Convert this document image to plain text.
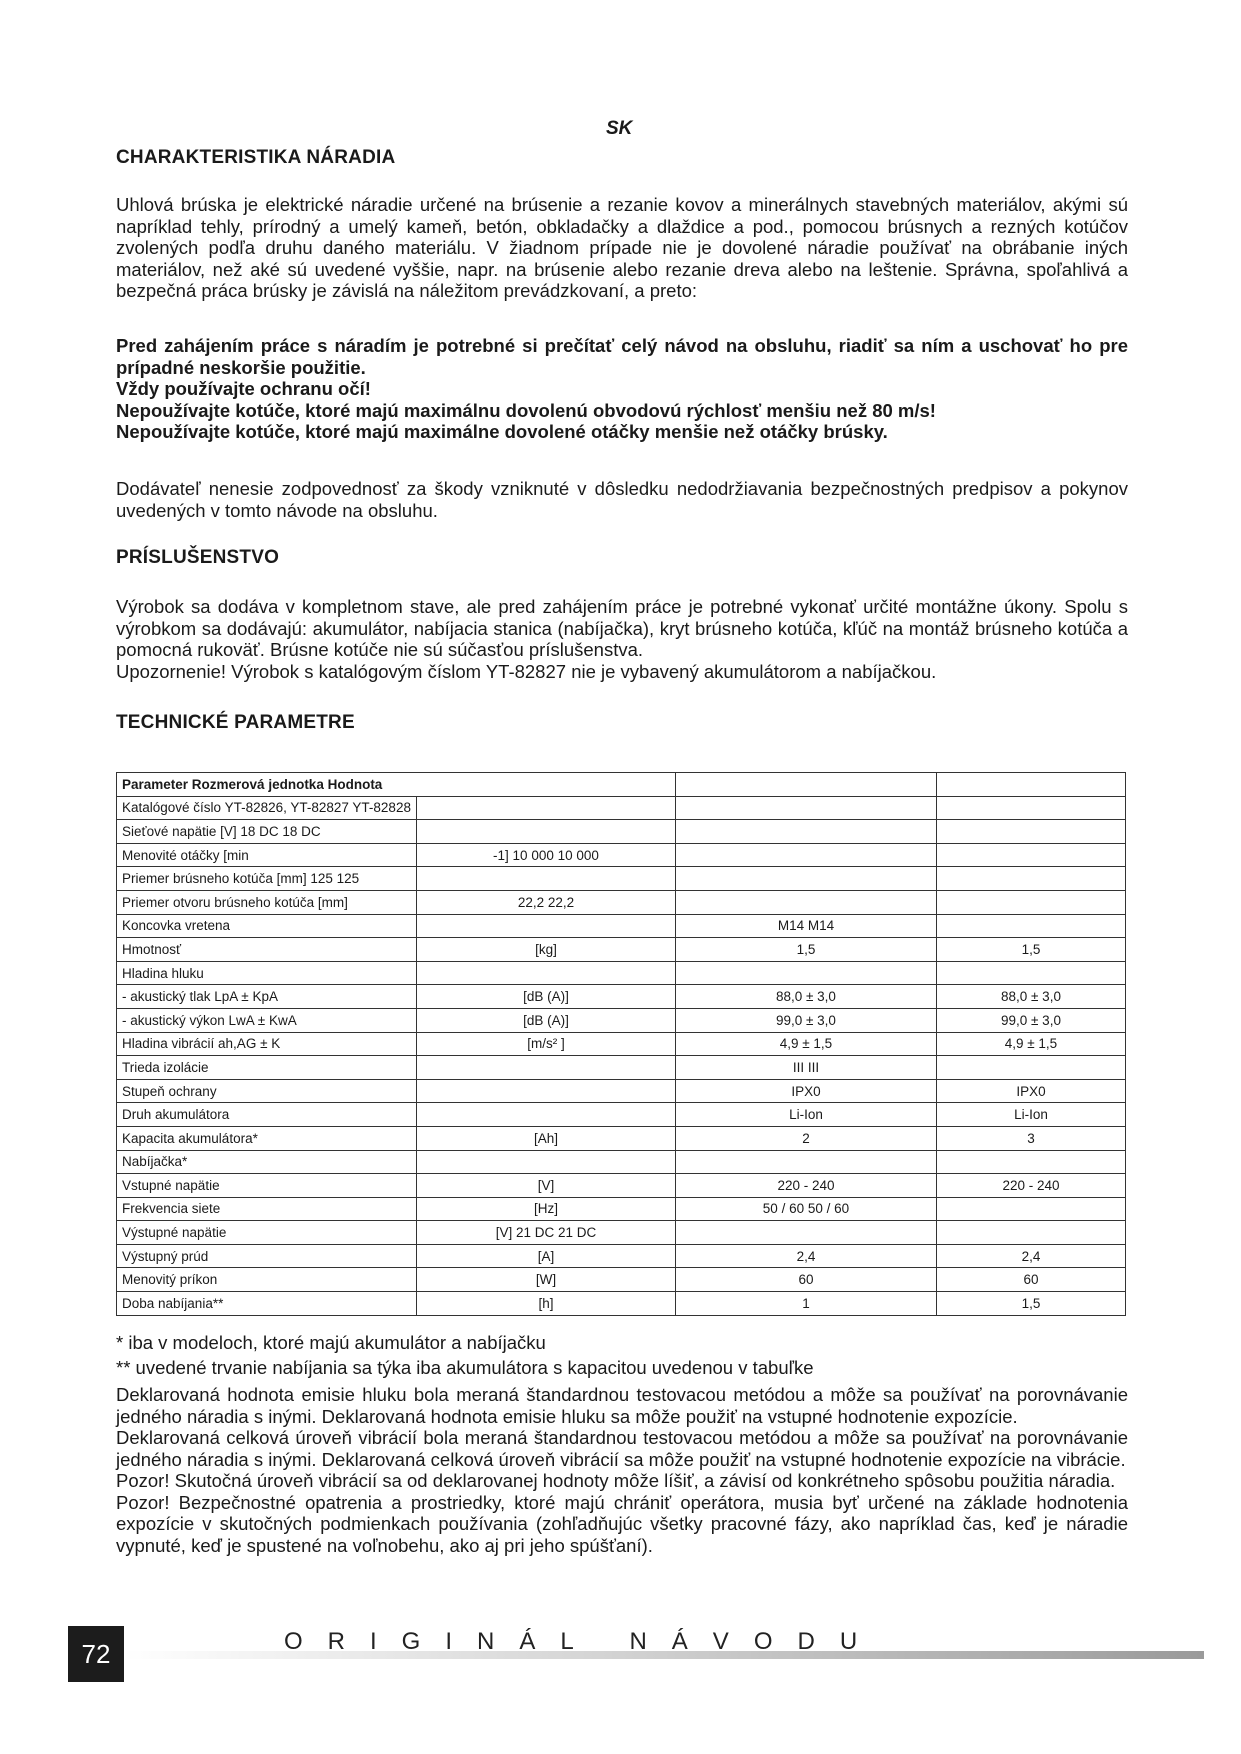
SK
CHARAKTERISTIKA NÁRADIA

Uhlová brúska je elektrické náradie určené na brúsenie a rezanie kovov a minerálnych stavebných materiálov, akými sú napríklad tehly, prírodný a umelý kameň, betón, obkladačky a dlaždice a pod., pomocou brúsnych a rezných kotúčov zvolených podľa druhu daného materiálu. V žiadnom prípade nie je dovolené náradie používať na obrábanie iných materiálov, než aké sú uvedené vyššie, napr. na brúsenie alebo rezanie dreva alebo na leštenie. Správna, spoľahlivá a bezpečná práca brúsky je závislá na náležitom prevádzkovaní, a preto:

Pred zahájením práce s náradím je potrebné si prečítať celý návod na obsluhu, riadiť sa ním a uschovať ho pre prípadné neskoršie použitie.

Vždy používajte ochranu očí!

Nepoužívajte kotúče, ktoré majú maximálnu dovolenú obvodovú rýchlosť menšiu než 80 m/s!

Nepoužívajte kotúče, ktoré majú maximálne dovolené otáčky menšie než otáčky brúsky.

Dodávateľ nenesie zodpovednosť za škody vzniknuté v dôsledku nedodržiavania bezpečnostných predpisov a pokynov uvedených v tomto návode na obsluhu.

PRÍSLUŠENSTVO

Výrobok sa dodáva v kompletnom stave, ale pred zahájením práce je potrebné vykonať určité montážne úkony. Spolu s výrobkom sa dodávajú: akumulátor, nabíjacia stanica (nabíjačka), kryt brúsneho kotúča, kľúč na montáž brúsneho kotúča a pomocná rukoväť. Brúsne kotúče nie sú súčasťou príslušenstva.

Upozornenie! Výrobok s katalógovým číslom YT-82827 nie je vybavený akumulátorom a nabíjačkou.

TECHNICKÉ PARAMETRE
Parameter Rozmerová jednotka Hodnota			
Katalógové číslo YT-82826, YT-82827 YT-82828			
Sieťové napätie [V] 18 DC 18 DC			
Menovité otáčky [min	-1] 10 000 10 000		
Priemer brúsneho kotúča [mm] 125 125			
Priemer otvoru brúsneho kotúča [mm]	22,2 22,2		
Koncovka vretena		M14 M14	
Hmotnosť	[kg]	1,5	1,5
Hladina hluku			
- akustický tlak LpA ± KpA	[dB (A)]	88,0 ± 3,0	88,0 ± 3,0
- akustický výkon LwA ± KwA	[dB (A)]	99,0 ± 3,0	99,0 ± 3,0
Hladina vibrácií ah,AG ± K	[m/s² ]	4,9 ± 1,5	4,9 ± 1,5
Trieda izolácie		III III	
Stupeň ochrany		IPX0	IPX0
Druh akumulátora		Li-Ion	Li-Ion
Kapacita akumulátora*	[Ah]	2	3
Nabíjačka*			
Vstupné napätie	[V]	220 - 240	220 - 240
Frekvencia siete	[Hz]	50 / 60 50 / 60	
Výstupné napätie	[V] 21 DC 21 DC		
Výstupný prúd	[A]	2,4	2,4
Menovitý príkon	[W]	60	60
Doba nabíjania**	[h]	1	1,5

* iba v modeloch, ktoré majú akumulátor a nabíjačku

** uvedené trvanie nabíjania sa týka iba akumulátora s kapacitou uvedenou v tabuľke

Deklarovaná hodnota emisie hluku bola meraná štandardnou testovacou metódou a môže sa používať na porovnávanie jedného náradia s inými. Deklarovaná hodnota emisie hluku sa môže použiť na vstupné hodnotenie expozície.

Deklarovaná celková úroveň vibrácií bola meraná štandardnou testovacou metódou a môže sa používať na porovnávanie jedného náradia s inými. Deklarovaná celková úroveň vibrácií sa môže použiť na vstupné hodnotenie expozície na vibrácie.

Pozor! Skutočná úroveň vibrácií sa od deklarovanej hodnoty môže líšiť, a závisí od konkrétneho spôsobu použitia náradia.

Pozor! Bezpečnostné opatrenia a prostriedky, ktoré majú chrániť operátora, musia byť určené na základe hodnotenia expozície v skutočných podmienkach používania (zohľadňujúc všetky pracovné fázy, ako napríklad čas, keď je náradie vypnuté, keď je spustené na voľnobehu, ako aj pri jeho spúšťaní).

72	ORIGINÁL NÁVODU
